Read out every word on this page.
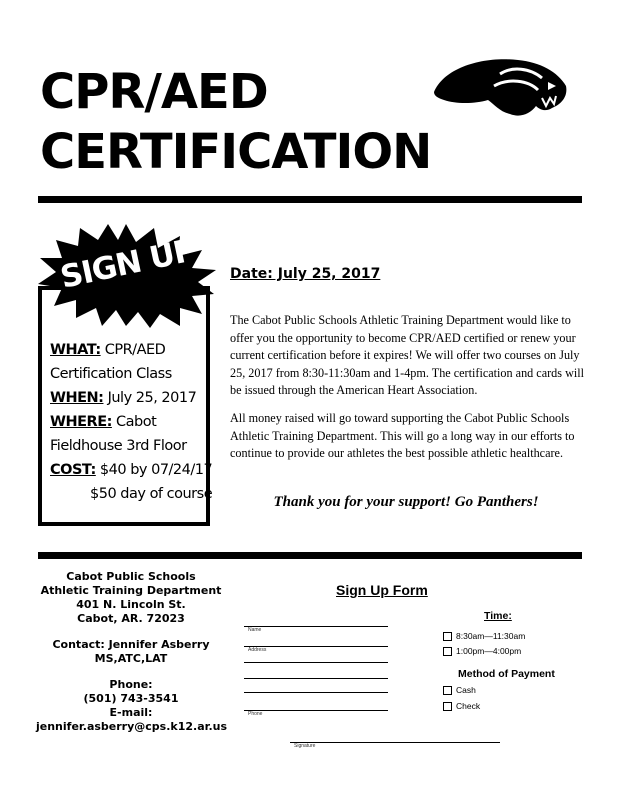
CPR/AED
CERTIFICATION
WHAT: CPR/AED
Certification Class
WHEN: July 25, 2017
WHERE: Cabot
Fieldhouse 3rd Floor
COST: $40 by 07/24/17
$50 day of course
SIGN UP	Date: July 25, 2017
The Cabot Public Schools Athletic Training Department would like to offer you the opportunity to become CPR/AED certified or renew your current certification before it expires! We will offer two courses on July 25, 2017 from 8:30-11:30am and 1-4pm. The certification and cards will be issued through the American Heart Association.
All money raised will go toward supporting the Cabot Public Schools Athletic Training Department. This will go a long way in our efforts to continue to provide our athletes the best possible athletic healthcare.
Thank you for your support! Go Panthers!
Cabot Public Schools
Athletic Training Department
401 N. Lincoln St.
Cabot, AR. 72023
Contact: Jennifer Asberry
MS,ATC,LAT
Phone:
(501) 743-3541
E-mail:
jennifer.asberry@cps.k12.ar.us
Sign Up Form
Name
Address
Phone
Signature
Time:
8:30am—11:30am
1:00pm—4:00pm
Method of Payment
Cash
Check
